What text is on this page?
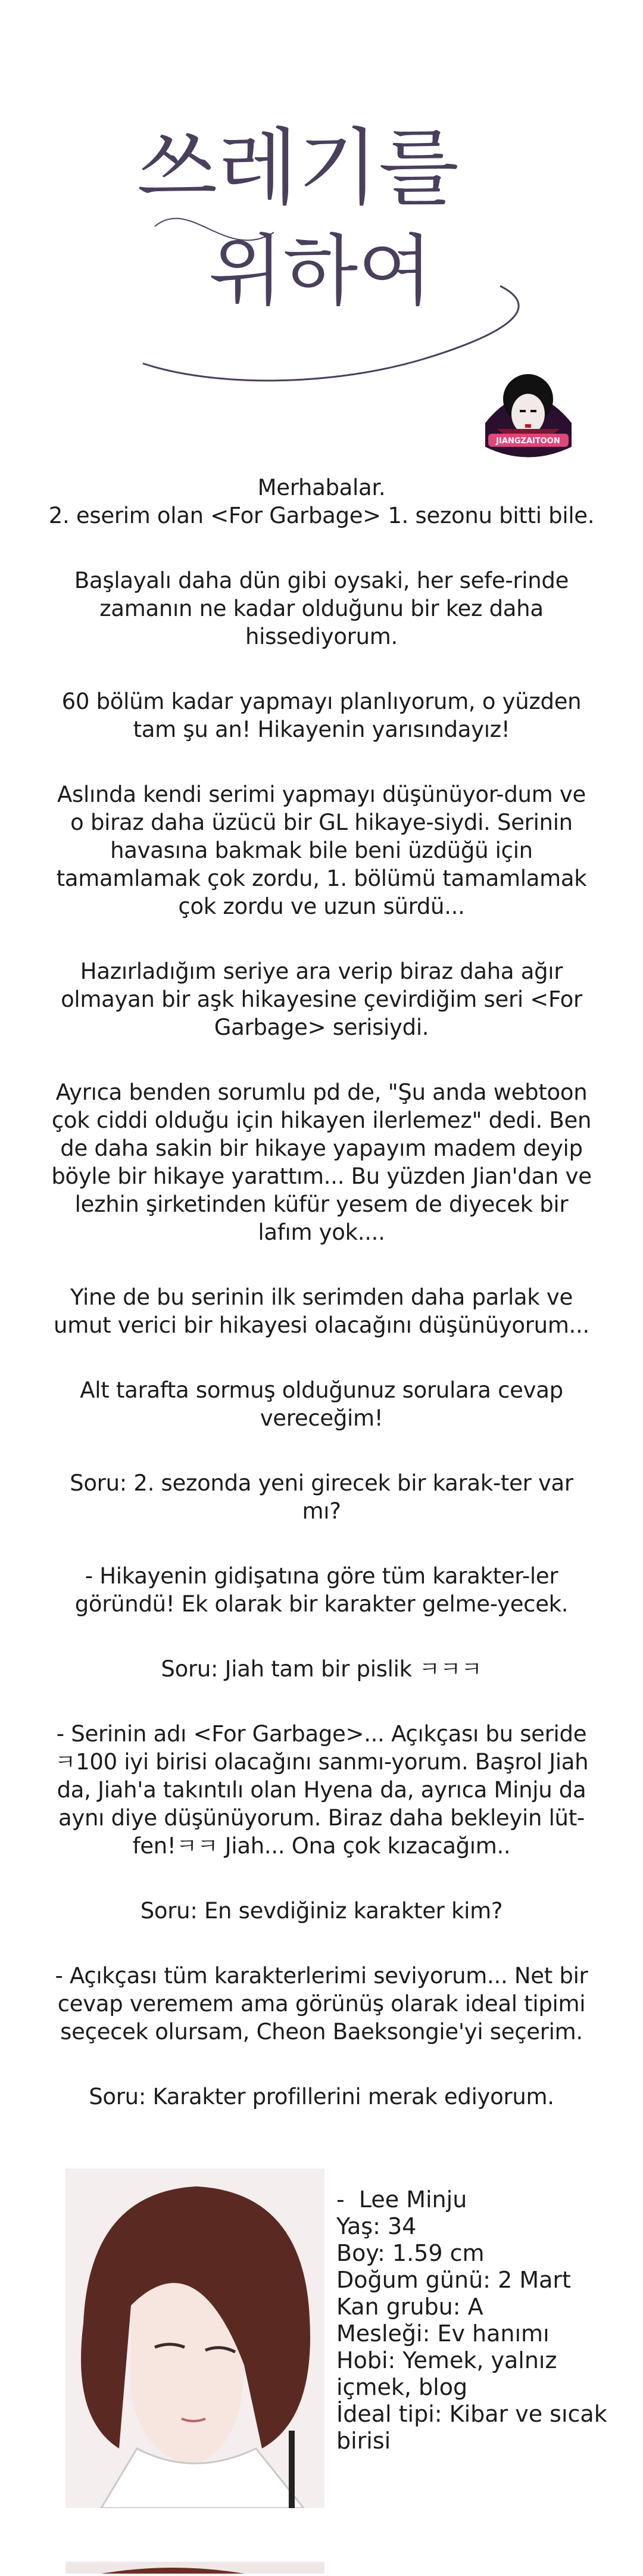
쓰레기를
위하여
JIANGZAITOON

Merhabalar.
2. eserim olan <For Garbage> 1. sezonu bitti bile.

Başlayalı daha dün gibi oysaki, her sefe-rinde zamanın ne kadar olduğunu bir kez daha hissediyorum.

60 bölüm kadar yapmayı planlıyorum, o yüzden tam şu an! Hikayenin yarısındayız!

Aslında kendi serimi yapmayı düşünüyor-dum ve o biraz daha üzücü bir GL hikaye-siydi. Serinin havasına bakmak bile beni üzdüğü için tamamlamak çok zordu, 1. bölümü tamamlamak çok zordu ve uzun sürdü...

Hazırladığım seriye ara verip biraz daha ağır olmayan bir aşk hikayesine çevirdiğim seri <For Garbage> serisiydi.

Ayrıca benden sorumlu pd de, "Şu anda webtoon çok ciddi olduğu için hikayen ilerlemez" dedi. Ben de daha sakin bir hikaye yapayım madem deyip böyle bir hikaye yarattım... Bu yüzden Jian'dan ve lezhin şirketinden küfür yesem de diyecek bir lafım yok....

Yine de bu serinin ilk serimden daha parlak ve umut verici bir hikayesi olacağını düşünüyorum...

Alt tarafta sormuş olduğunuz sorulara cevap vereceğim!

Soru: 2. sezonda yeni girecek bir karak-ter var mı?

- Hikayenin gidişatına göre tüm karakter-ler göründü! Ek olarak bir karakter gelme-yecek.

Soru: Jiah tam bir pislik ㅋㅋㅋ

- Serinin adı <For Garbage>... Açıkçası bu seride ㅋ100 iyi birisi olacağını sanmı-yorum. Başrol Jiah da, Jiah'a takıntılı olan Hyena da, ayrıca Minju da aynı diye düşünüyorum. Biraz daha bekleyin lüt-fen!ㅋㅋ Jiah... Ona çok kızacağım..

Soru: En sevdiğiniz karakter kim?

- Açıkçası tüm karakterlerimi seviyorum... Net bir cevap veremem ama görünüş olarak ideal tipimi seçecek olursam, Cheon Baeksongie'yi seçerim.

Soru: Karakter profillerini merak ediyorum.

-  Lee Minju
Yaş: 34
Boy: 1.59 cm
Doğum günü: 2 Mart
Kan grubu: A
Mesleği: Ev hanımı
Hobi: Yemek, yalnız içmek, blog
İdeal tipi: Kibar ve sıcak birisi
